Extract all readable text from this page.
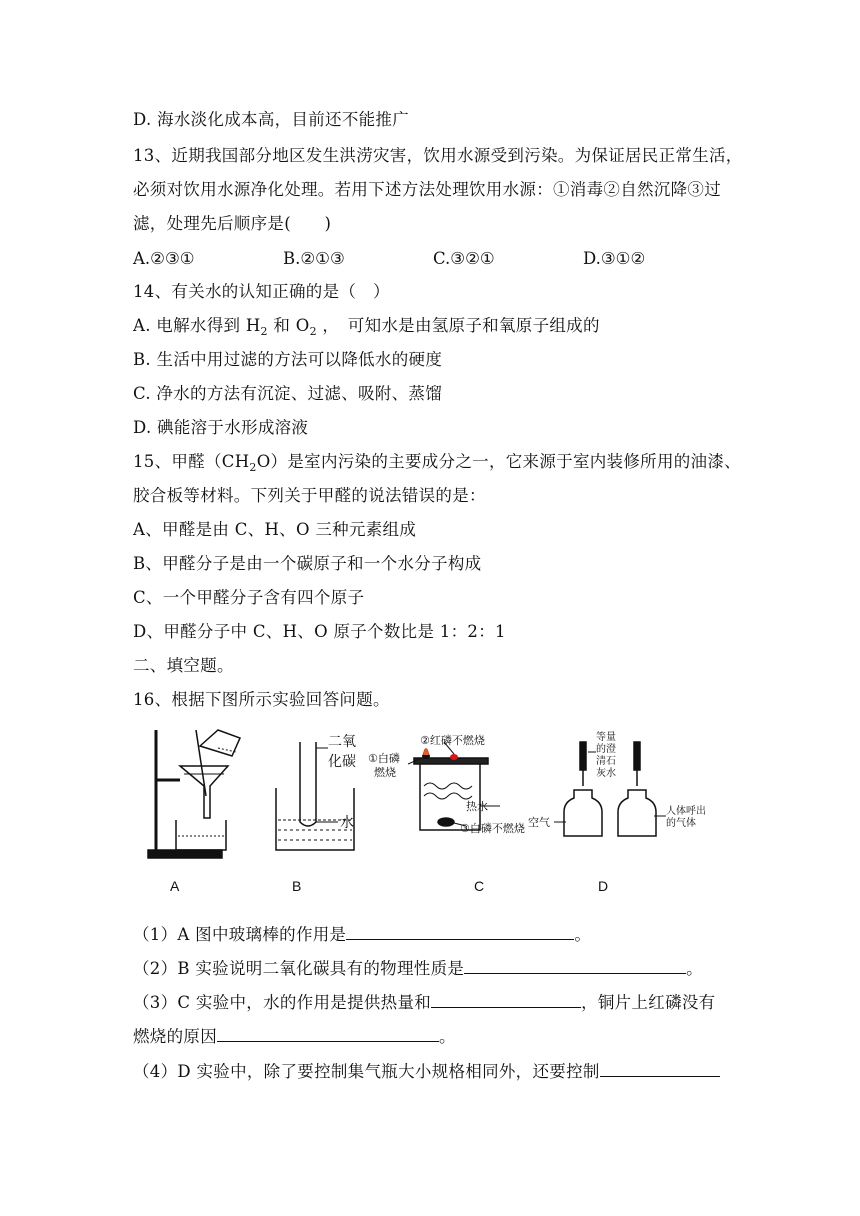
D. 海水淡化成本高，目前还不能推广
13、近期我国部分地区发生洪涝灾害，饮用水源受到污染。为保证居民正常生活，
必须对饮用水源净化处理。若用下述方法处理饮用水源：①消毒②自然沉降③过
滤，处理先后顺序是(　　)
A.②③①	B.②①③	C.③②①	D.③①②
14、有关水的认知正确的是（　）
A. 电解水得到 $H_2$ 和 $O_2$ ，　可知水是由氢原子和氧原子组成的
B. 生活中用过滤的方法可以降低水的硬度
C. 净水的方法有沉淀、过滤、吸附、蒸馏
D. 碘能溶于水形成溶液
15、甲醛$(CH_2O)$是室内污染的主要成分之一，它来源于室内装修所用的油漆、
胶合板等材料。下列关于甲醛的说法错误的是：
A、甲醛是由 C、H、O 三种元素组成
B、甲醛分子是由一个碳原子和一个水分子构成
C、一个甲醛分子含有四个原子
D、甲醛分子中 C、H、O 原子个数比是 1：2：1
二、填空题。
16、根据下图所示实验回答问题。
二氧
化碳
水
②红磷不燃烧
①白磷
燃烧
热水
③白磷不燃烧
等量
的澄
清石
灰水
空气
人体呼出
的气体
A	B	C	D
（1）A 图中玻璃棒的作用是	。
（2）B 实验说明二氧化碳具有的物理性质是	。
（3）C 实验中，水的作用是提供热量和	，铜片上红磷没有
燃烧的原因	。
（4）D 实验中，除了要控制集气瓶大小规格相同外，还要控制
